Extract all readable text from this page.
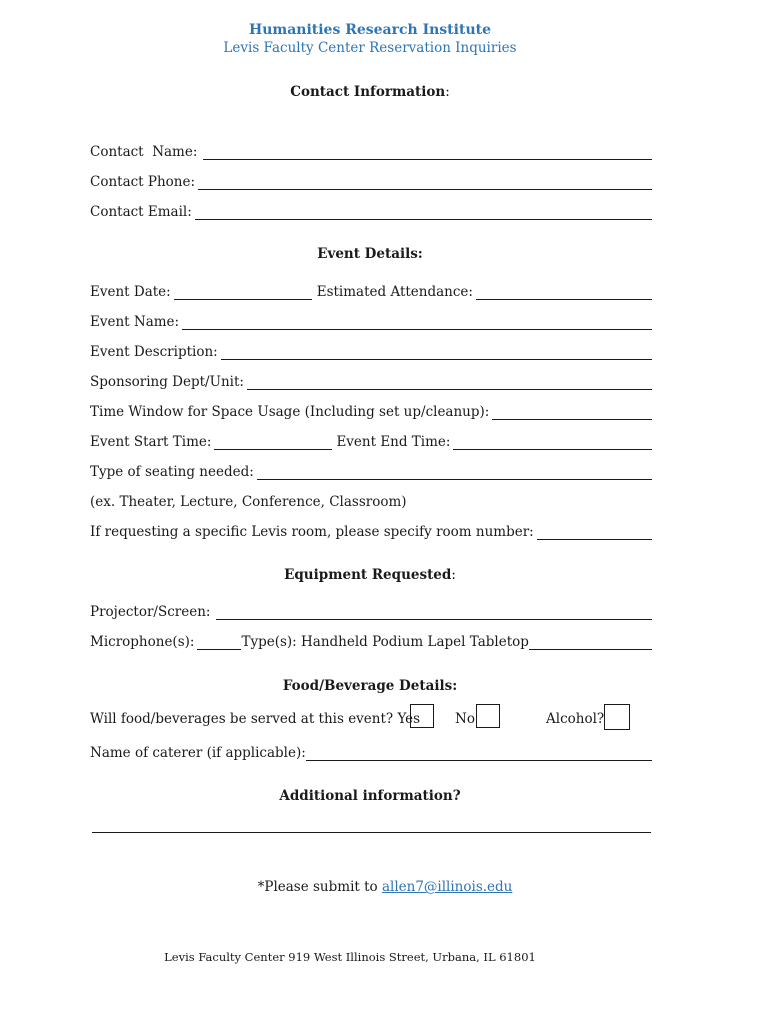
Humanities Research Institute
Levis Faculty Center Reservation Inquiries
Contact Information:
Contact  Name:
Contact Phone:
Contact Email:
Event Details:
Event Date:	Estimated Attendance:
Event Name:
Event Description:
Sponsoring Dept/Unit:
Time Window for Space Usage (Including set up/cleanup):
Event Start Time:	Event End Time:
Type of seating needed:
(ex. Theater, Lecture, Conference, Classroom)
If requesting a specific Levis room, please specify room number:
Equipment Requested:
Projector/Screen:
Microphone(s):	Type(s): Handheld Podium Lapel Tabletop
Food/Beverage Details:
Will food/beverages be served at this event? Yes	No	Alcohol?
Name of caterer (if applicable):
Additional information?
*Please submit to allen7@illinois.edu
Levis Faculty Center 919 West Illinois Street, Urbana, IL 61801
